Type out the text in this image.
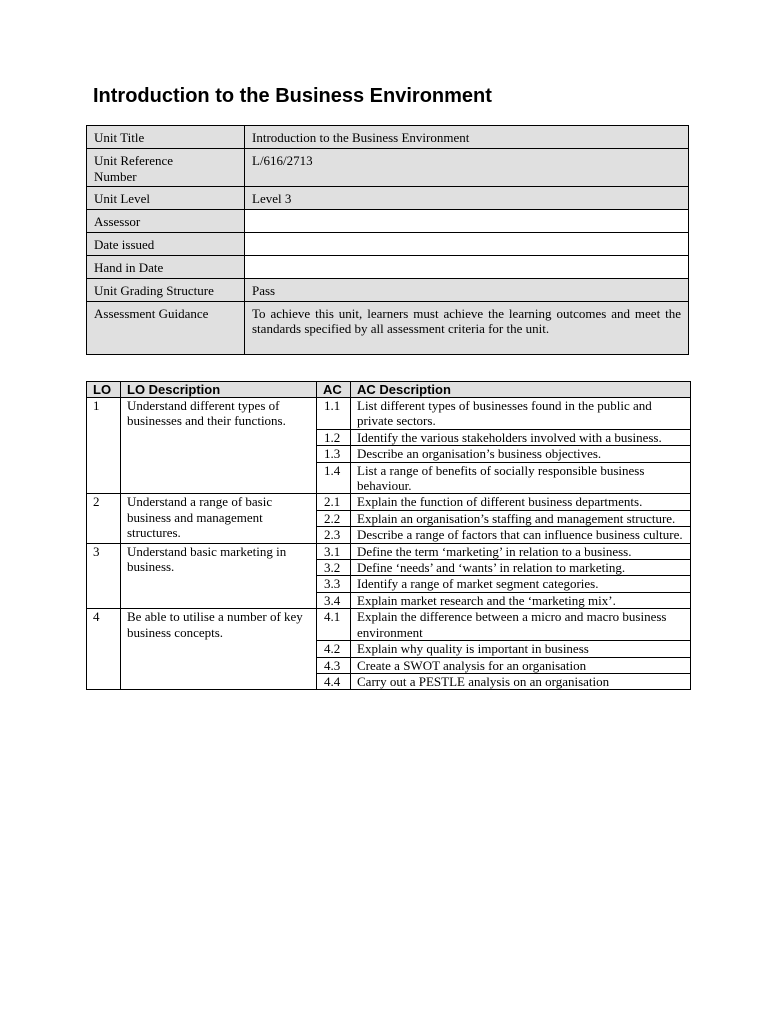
Introduction to the Business Environment
Unit Title	Introduction to the Business Environment

Unit Reference Number	L/616/2713
Unit Level	Level 3
Assessor	
Date issued	
Hand in Date	
Unit Grading Structure	Pass
Assessment Guidance	To achieve this unit, learners must achieve the learning outcomes and meet the standards specified by all assessment criteria for the unit.
LO	LO Description	AC	AC Description
1	Understand different types of businesses and their functions.	1.1	List different types of businesses found in the public and private sectors.
		1.2	Identify the various stakeholders involved with a business.
		1.3	Describe an organisation’s business objectives.
		1.4	List a range of benefits of socially responsible business behaviour.
2	Understand a range of basic business and management structures.	2.1	Explain the function of different business departments.
		2.2	Explain an organisation’s staffing and management structure.
		2.3	Describe a range of factors that can influence business culture.
3	Understand basic marketing in business.	3.1	Define the term ‘marketing’ in relation to a business.
		3.2	Define ‘needs’ and ‘wants’ in relation to marketing.
		3.3	Identify a range of market segment categories.
		3.4	Explain market research and the ‘marketing mix’.
4	Be able to utilise a number of key business concepts.	4.1	Explain the difference between a micro and macro business environment
		4.2	Explain why quality is important in business
		4.3	Create a SWOT analysis for an organisation
		4.4	Carry out a PESTLE analysis on an organisation
